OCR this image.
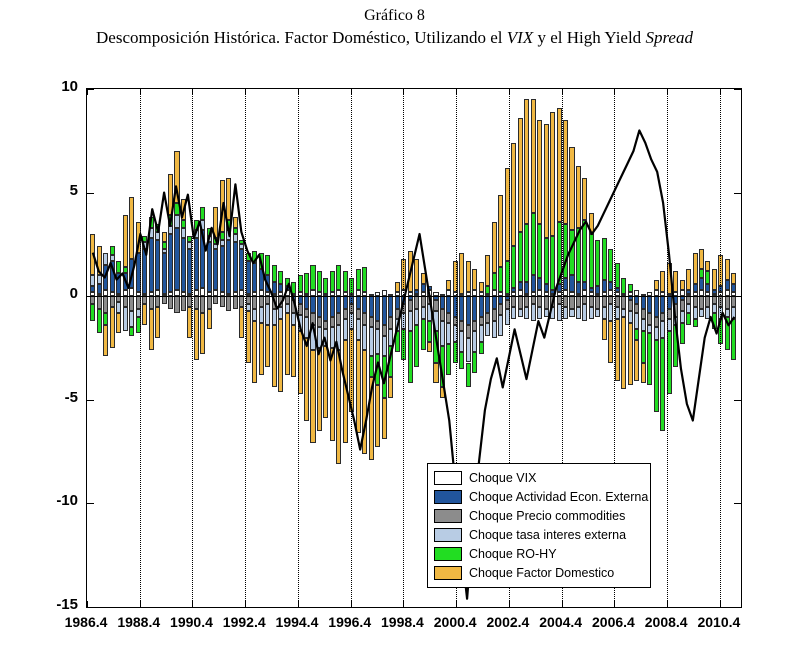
Gráfico 8
Descomposición Histórica. Factor Doméstico, Utilizando el VIX y el High Yield Spread
-15
-10
-5
0
5
10
1986.4 1988.4 1990.4 1992.4 1994.4 1996.4 1998.4 2000.4 2002.4 2004.4 2006.4 2008.4 2010.4
Choque VIX
Choque Actividad Econ. Externa
Choque Precio commodities
Choque tasa interes externa
Choque RO-HY
Choque Factor Domestico
